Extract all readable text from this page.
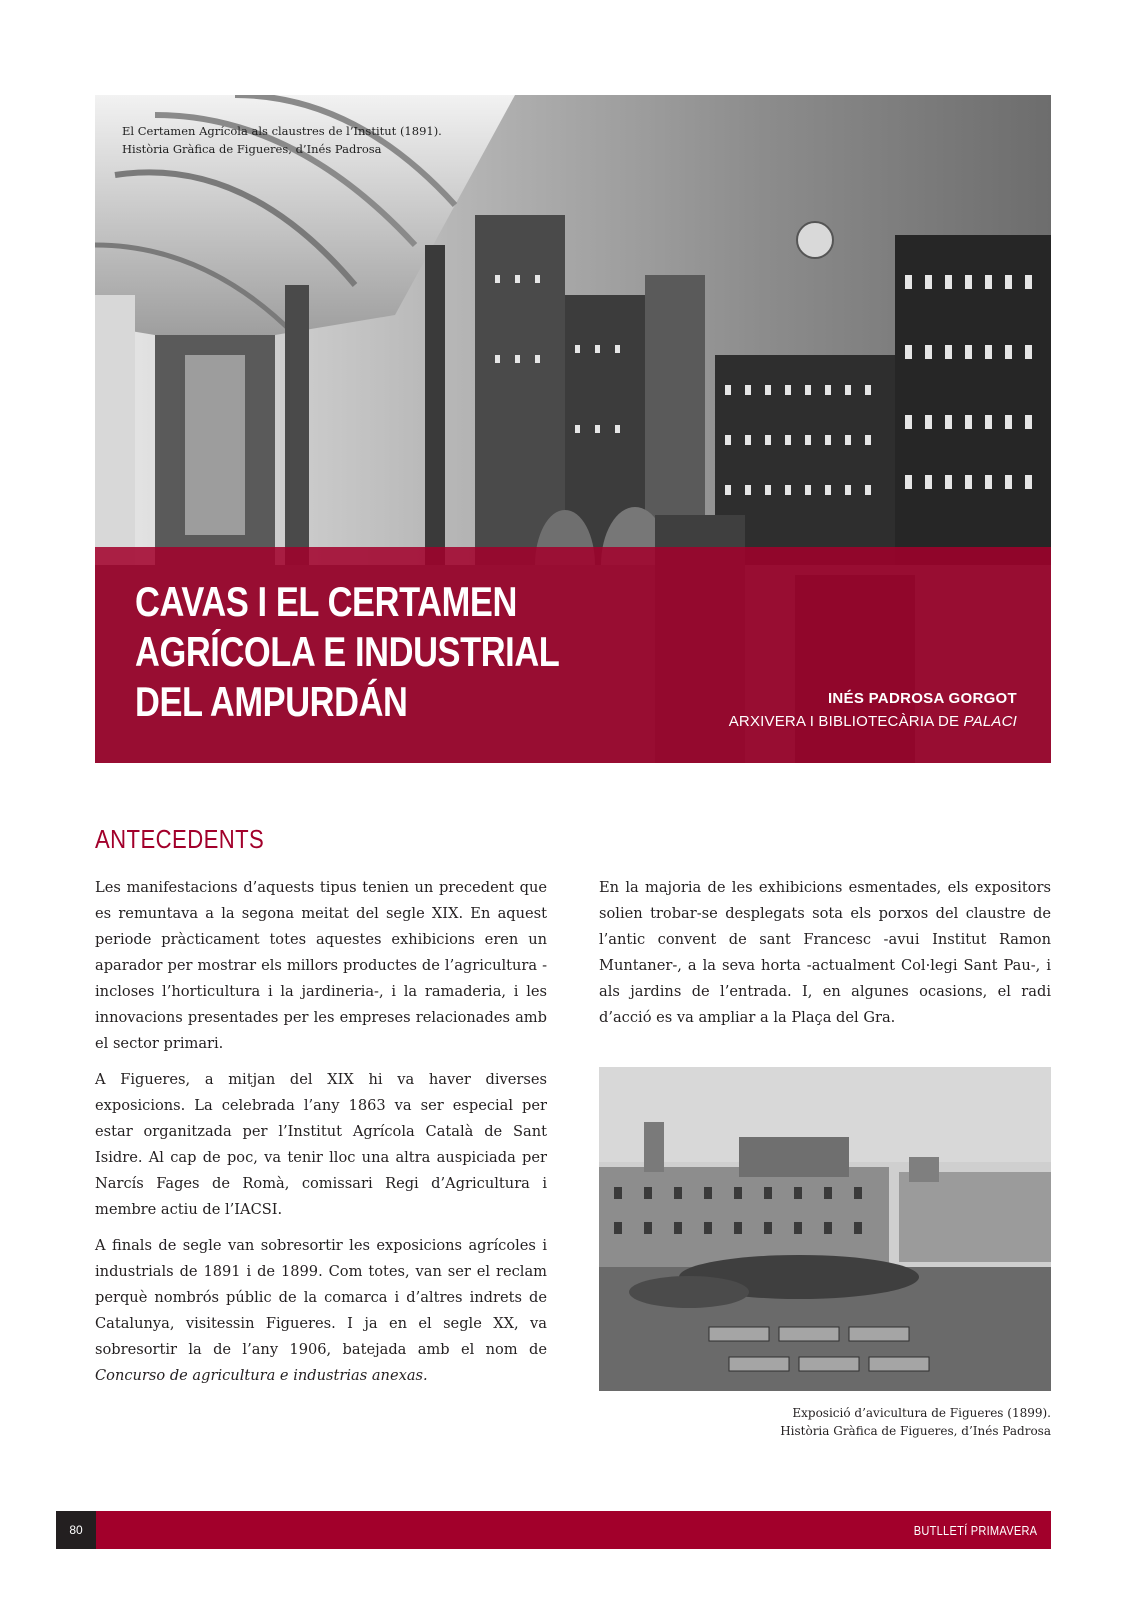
El Certamen Agrícola als claustres de l’Institut (1891).
Història Gràfica de Figueres, d’Inés Padrosa
CAVAS I EL CERTAMEN
AGRÍCOLA E INDUSTRIAL
DEL AMPURDÁN	INÉS PADROSA GORGOT
ARXIVERA I BIBLIOTECÀRIA DE PALACI
ANTECEDENTS

Les manifestacions d’aquests tipus tenien un precedent que es remuntava a la segona meitat del segle XIX. En aquest periode pràcticament totes aquestes exhibicions eren un aparador per mostrar els millors productes de l’agricultura -incloses l’horticultura i la jardineria-, i la ramaderia, i les innovacions presentades per les empreses relacionades amb el sector primari.

A Figueres, a mitjan del XIX hi va haver diverses exposicions. La celebrada l’any 1863 va ser especial per estar organitzada per l’Institut Agrícola Català de Sant Isidre. Al cap de poc, va tenir lloc una altra auspiciada per Narcís Fages de Romà, comissari Regi d’Agricultura i membre actiu de l’IACSI.

A finals de segle van sobresortir les exposicions agrícoles i industrials de 1891 i de 1899. Com totes, van ser el reclam perquè nombrós públic de la comarca i d’altres indrets de Catalunya, visitessin Figueres. I ja en el segle XX, va sobresortir la de l’any 1906, batejada amb el nom de Concurso de agricultura e industrias anexas.

En la majoria de les exhibicions esmentades, els expositors solien trobar-se desplegats sota els porxos del claustre de l’antic convent de sant Francesc -avui Institut Ramon Muntaner-, a la seva horta -actualment Col·legi Sant Pau-, i als jardins de l’entrada. I, en algunes ocasions, el radi d’acció es va ampliar a la Plaça del Gra.

Exposició d’avicultura de Figueres (1899).
Història Gràfica de Figueres, d’Inés Padrosa
80	BUTLLETÍ PRIMAVERA
